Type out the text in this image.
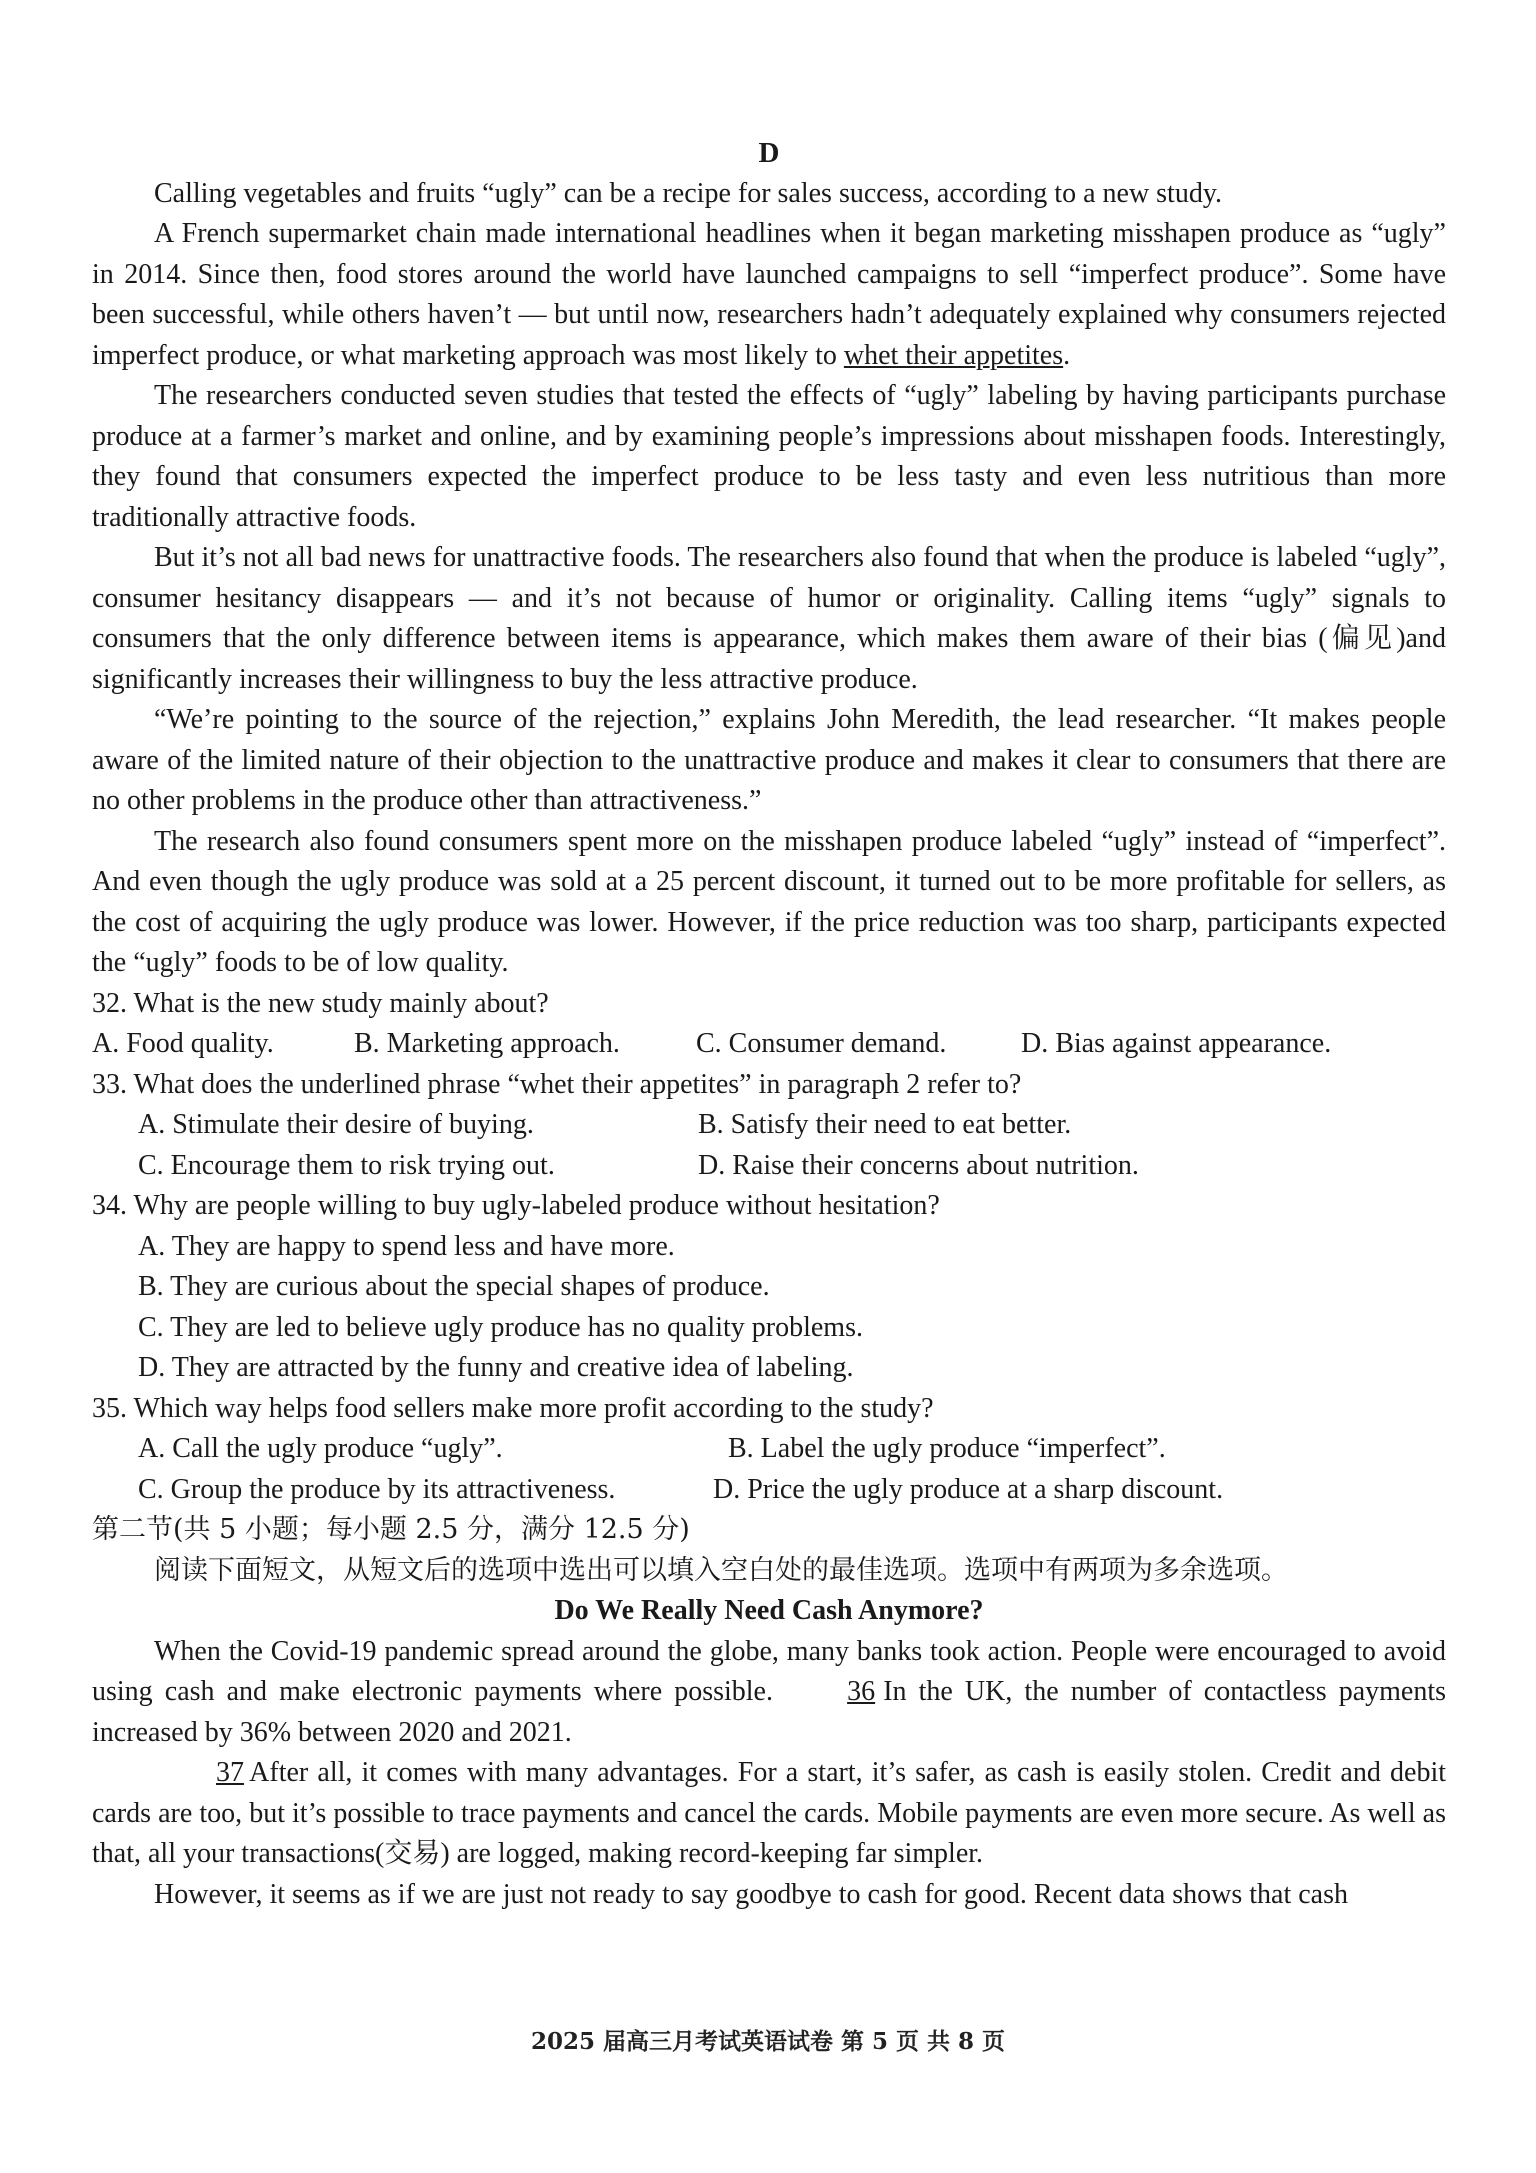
D
Calling vegetables and fruits “ugly” can be a recipe for sales success, according to a new study.
A French supermarket chain made international headlines when it began marketing misshapen produce as “ugly” in 2014. Since then, food stores around the world have launched campaigns to sell “imperfect produce”. Some have been successful, while others haven’t — but until now, researchers hadn’t adequately explained why consumers rejected imperfect produce, or what marketing approach was most likely to whet their appetites.
The researchers conducted seven studies that tested the effects of “ugly” labeling by having participants purchase produce at a farmer’s market and online, and by examining people’s impressions about misshapen foods. Interestingly, they found that consumers expected the imperfect produce to be less tasty and even less nutritious than more traditionally attractive foods.
But it’s not all bad news for unattractive foods. The researchers also found that when the produce is labeled “ugly”, consumer hesitancy disappears — and it’s not because of humor or originality. Calling items “ugly” signals to consumers that the only difference between items is appearance, which makes them aware of their bias (偏见)and significantly increases their willingness to buy the less attractive produce.
“We’re pointing to the source of the rejection,” explains John Meredith, the lead researcher. “It makes people aware of the limited nature of their objection to the unattractive produce and makes it clear to consumers that there are no other problems in the produce other than attractiveness.”
The research also found consumers spent more on the misshapen produce labeled “ugly” instead of “imperfect”. And even though the ugly produce was sold at a 25 percent discount, it turned out to be more profitable for sellers, as the cost of acquiring the ugly produce was lower. However, if the price reduction was too sharp, participants expected the “ugly” foods to be of low quality.
32. What is the new study mainly about?
A. Food quality.	B. Marketing approach.	C. Consumer demand.	D. Bias against appearance.
33. What does the underlined phrase “whet their appetites” in paragraph 2 refer to?
A. Stimulate their desire of buying.	B. Satisfy their need to eat better.
C. Encourage them to risk trying out.	D. Raise their concerns about nutrition.
34. Why are people willing to buy ugly-labeled produce without hesitation?
A. They are happy to spend less and have more.
B. They are curious about the special shapes of produce.
C. They are led to believe ugly produce has no quality problems.
D. They are attracted by the funny and creative idea of labeling.
35. Which way helps food sellers make more profit according to the study?
A. Call the ugly produce “ugly”.	B. Label the ugly produce “imperfect”.
C. Group the produce by its attractiveness.	D. Price the ugly produce at a sharp discount.
第二节(共 5 小题；每小题 2.5 分，满分 12.5 分)
阅读下面短文，从短文后的选项中选出可以填入空白处的最佳选项。选项中有两项为多余选项。
Do We Really Need Cash Anymore?
When the Covid-19 pandemic spread around the globe, many banks took action. People were encouraged to avoid using cash and make electronic payments where possible.	36 In the UK, the number of contactless payments increased by 36% between 2020 and 2021.
37 After all, it comes with many advantages. For a start, it’s safer, as cash is easily stolen. Credit and debit cards are too, but it’s possible to trace payments and cancel the cards. Mobile payments are even more secure. As well as that, all your transactions(交易) are logged, making record-keeping far simpler.
However, it seems as if we are just not ready to say goodbye to cash for good. Recent data shows that cash
2025 届高三月考试英语试卷 第 5 页 共 8 页
